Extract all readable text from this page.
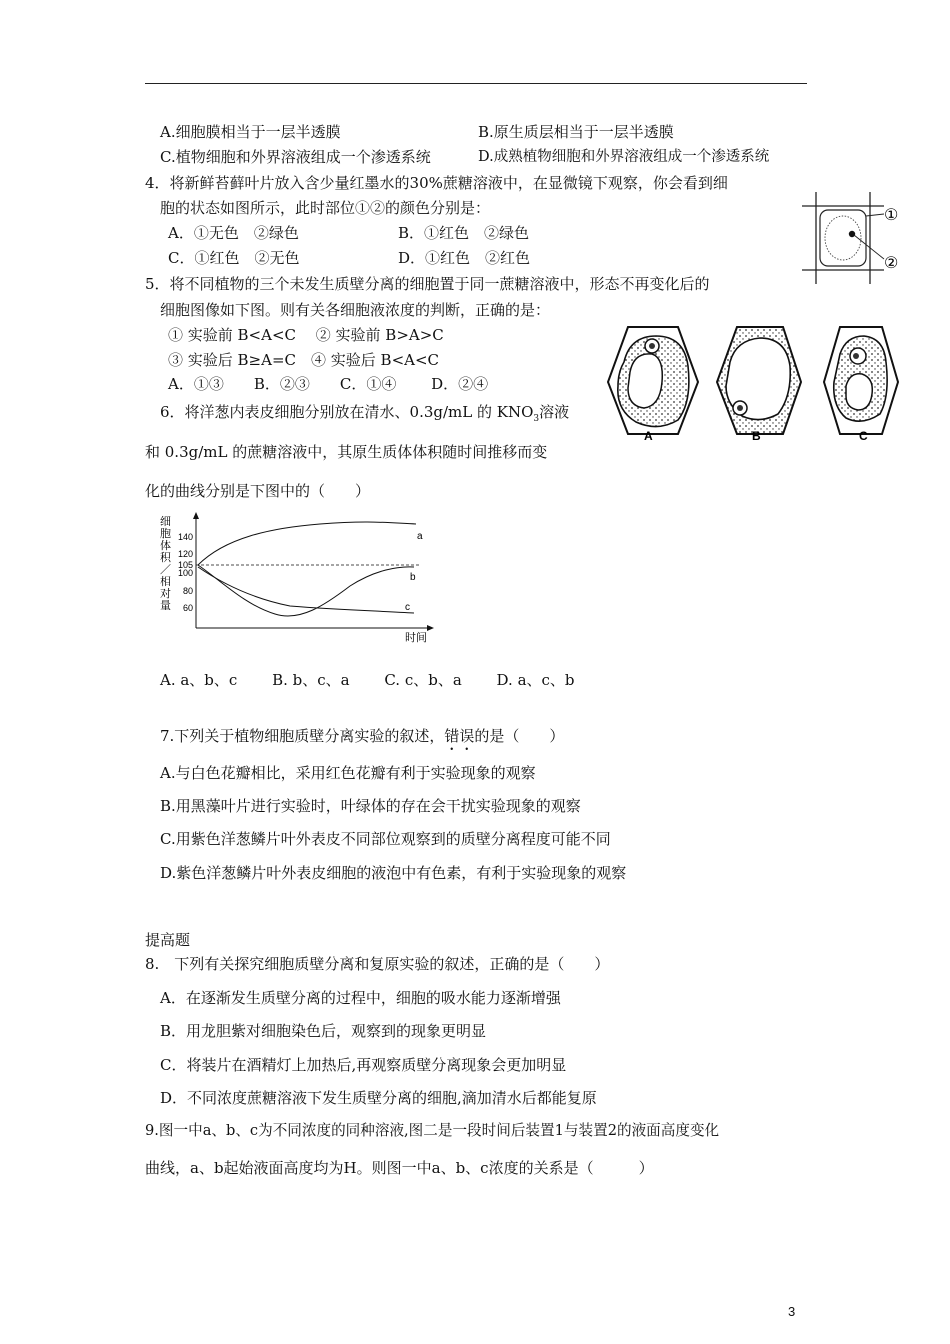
A.细胞膜相当于一层半透膜	B.原生质层相当于一层半透膜
C.植物细胞和外界溶液组成一个渗透系统	D.成熟植物细胞和外界溶液组成一个渗透系统
4．将新鲜苔藓叶片放入含少量红墨水的30%蔗糖溶液中，在显微镜下观察，你会看到细
胞的状态如图所示，此时部位①②的颜色分别是：
A．①无色　②绿色	B．①红色　②绿色
C．①红色　②无色	D．①红色　②红色
①
②
5．将不同植物的三个未发生质壁分离的细胞置于同一蔗糖溶液中，形态不再变化后的
细胞图像如下图。则有关各细胞液浓度的判断，正确的是：
① 实验前 B<A<C　 ② 实验前 B>A>C
③ 实验后 B≥A=C　④ 实验后 B<A<C
A．①③　　B．②③　　C．①④　　 D．②④
A	B	C
6．将洋葱内表皮细胞分别放在清水、0.3g/mL 的 $KNO_3$溶液
和 0.3g/mL 的蔗糖溶液中，其原生质体体积随时间推移而变
化的曲线分别是下图中的（　　）
细
胞
体
积
／
相
对
量
140
120
105
100
80
60
a
b
c
时间
A. a、b、c　　 B. b、c、a　　 C. c、b、a　　 D. a、c、b
7.下列关于植物细胞质壁分离实验的叙述，错误的是（　　）
A.与白色花瓣相比，采用红色花瓣有利于实验现象的观察
B.用黑藻叶片进行实验时，叶绿体的存在会干扰实验现象的观察
C.用紫色洋葱鳞片叶外表皮不同部位观察到的质壁分离程度可能不同
D.紫色洋葱鳞片叶外表皮细胞的液泡中有色素，有利于实验现象的观察
提高题
8.　下列有关探究细胞质壁分离和复原实验的叙述，正确的是（　　）
A．在逐渐发生质壁分离的过程中，细胞的吸水能力逐渐增强
B．用龙胆紫对细胞染色后，观察到的现象更明显
C．将装片在酒精灯上加热后,再观察质壁分离现象会更加明显
D．不同浓度蔗糖溶液下发生质壁分离的细胞,滴加清水后都能复原
9.图一中a、b、c为不同浓度的同种溶液,图二是一段时间后装置1与装置2的液面高度变化
曲线，a、b起始液面高度均为H。则图一中a、b、c浓度的关系是（　　　）
3
